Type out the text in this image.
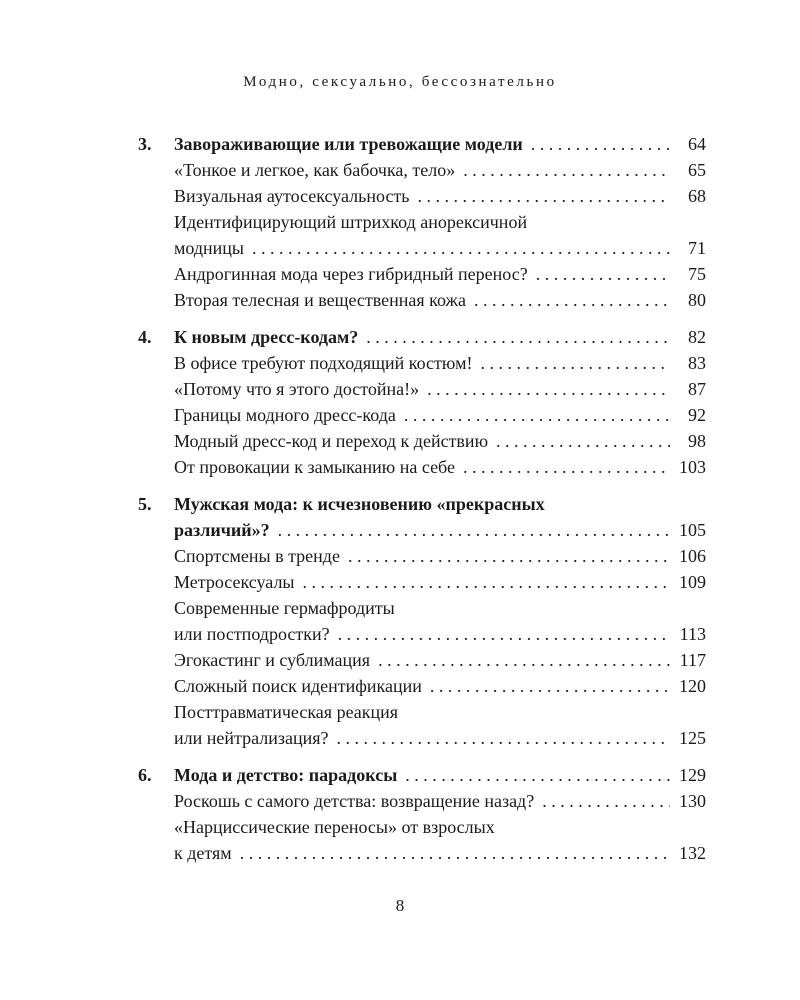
Модно, сексуально, бессознательно
3.	Завораживающие или тревожащие модели . . .	64
«Тонкое и легкое, как бабочка, тело» . . .	65
Визуальная аутосексуальность . . .	68
Идентифицирующий штрихкод анорексичной
модницы . . .	71
Андрогинная мода через гибридный перенос? . . .	75
Вторая телесная и вещественная кожа . . .	80
4.	К новым дресс-кодам? . . .	82
В офисе требуют подходящий костюм! . . .	83
«Потому что я этого достойна!» . . .	87
Границы модного дресс-кода . . .	92
Модный дресс-код и переход к действию . . .	98
От провокации к замыканию на себе . . .	103
5.	Мужская мода: к исчезновению «прекрасных
различий»? . . .	105
Спортсмены в тренде . . .	106
Метросексуалы . . .	109
Современные гермафродиты
или постподростки? . . .	113
Эгокастинг и сублимация . . .	117
Сложный поиск идентификации . . .	120
Посттравматическая реакция
или нейтрализация? . . .	125
6.	Мода и детство: парадоксы . . .	129
Роскошь с самого детства: возвращение назад? . . .	130
«Нарциссические переносы» от взрослых
к детям . . .	132
8
